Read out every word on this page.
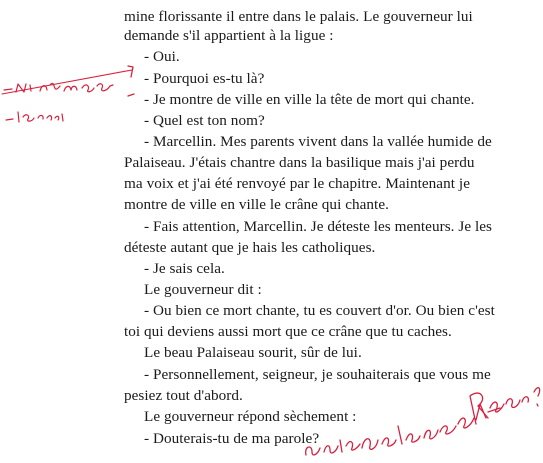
mine florissante il entre dans le palais. Le gouverneur lui
demande s'il appartient à la ligue :
- Oui.
- Pourquoi es-tu là?
- Je montre de ville en ville la tête de mort qui chante.
- Quel est ton nom?
- Marcellin. Mes parents vivent dans la vallée humide de
Palaiseau. J'étais chantre dans la basilique mais j'ai perdu
ma voix et j'ai été renvoyé par le chapitre. Maintenant je
montre de ville en ville le crâne qui chante.
- Fais attention, Marcellin. Je déteste les menteurs. Je les
déteste autant que je hais les catholiques.
- Je sais cela.
Le gouverneur dit :
- Ou bien ce mort chante, tu es couvert d'or. Ou bien c'est
toi qui deviens aussi mort que ce crâne que tu caches.
Le beau Palaiseau sourit, sûr de lui.
- Personnellement, seigneur, je souhaiterais que vous me
pesiez tout d'abord.
Le gouverneur répond sèchement :
- Douterais-tu de ma parole?
